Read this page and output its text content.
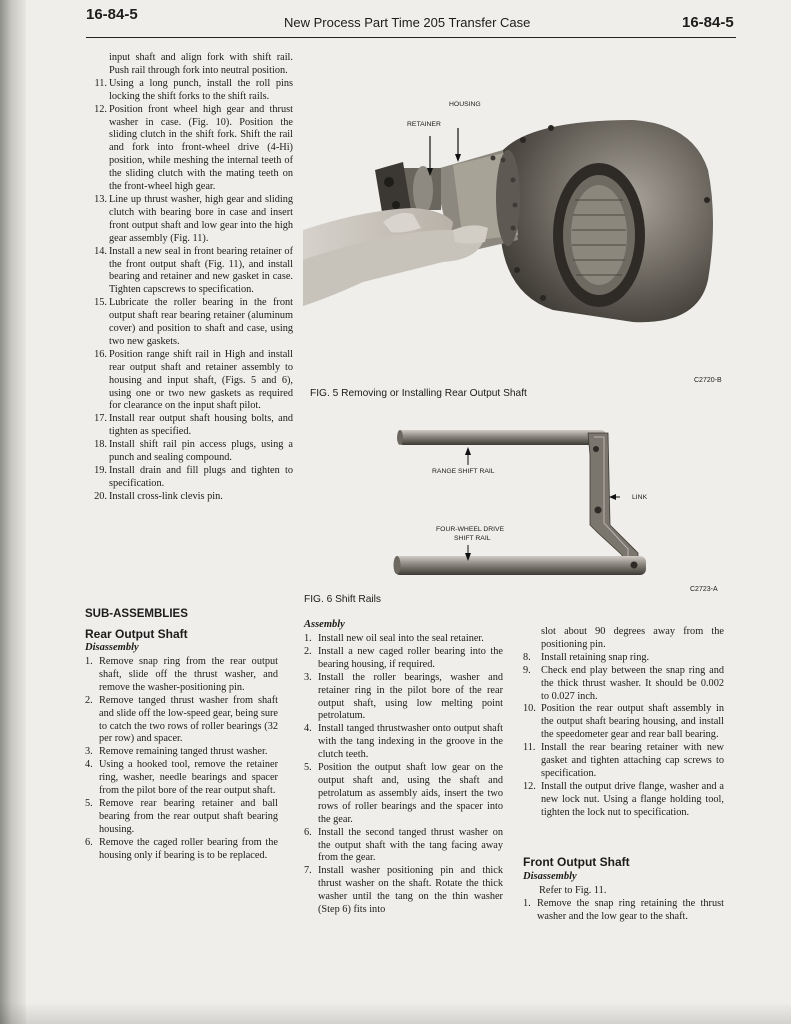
16-84-5	New Process Part Time 205 Transfer Case	16-84-5
input shaft and align fork with shift rail. Push rail through fork into neutral position.
11. Using a long punch, install the roll pins locking the shift forks to the shift rails.
12. Position front wheel high gear and thrust washer in case. (Fig. 10). Position the sliding clutch in the shift fork. Shift the rail and fork into front-wheel drive (4-Hi) position, while meshing the internal teeth of the sliding clutch with the mating teeth on the front-wheel high gear.
13. Line up thrust washer, high gear and sliding clutch with bearing bore in case and insert front output shaft and low gear into the high gear assembly (Fig. 11).
14. Install a new seal in front bearing retainer of the front output shaft (Fig. 11), and install bearing and retainer and new gasket in case. Tighten capscrews to specification.
15. Lubricate the roller bearing in the front output shaft rear bearing retainer (aluminum cover) and position to shaft and case, using two new gaskets.
16. Position range shift rail in High and install rear output shaft and retainer assembly to housing and input shaft, (Figs. 5 and 6), using one or two new gaskets as required for clearance on the input shaft pilot.
17. Install rear output shaft housing bolts, and tighten as specified.
18. Install shift rail pin access plugs, using a punch and sealing compound.
19. Install drain and fill plugs and tighten to specification.
20. Install cross-link clevis pin.
HOUSING
RETAINER
C2720-B
FIG. 5 Removing or Installing Rear Output Shaft
RANGE SHIFT RAIL
LINK
FOUR-WHEEL DRIVE
SHIFT RAIL
C2723-A
FIG. 6 Shift Rails
SUB-ASSEMBLIES
Rear Output Shaft
Disassembly
1. Remove snap ring from the rear output shaft, slide off the thrust washer, and remove the washer-positioning pin.
2. Remove tanged thrust washer from shaft and slide off the low-speed gear, being sure to catch the two rows of roller bearings (32 per row) and spacer.
3. Remove remaining tanged thrust washer.
4. Using a hooked tool, remove the retainer ring, washer, needle bearings and spacer from the pilot bore of the rear output shaft.
5. Remove rear bearing retainer and ball bearing from the rear output shaft bearing housing.
6. Remove the caged roller bearing from the housing only if bearing is to be replaced.
Assembly
1. Install new oil seal into the seal retainer.
2. Install a new caged roller bearing into the bearing housing, if required.
3. Install the roller bearings, washer and retainer ring in the pilot bore of the rear output shaft, using low melting point petrolatum.
4. Install tanged thrustwasher onto output shaft with the tang indexing in the groove in the clutch teeth.
5. Position the output shaft low gear on the output shaft and, using the shaft and petrolatum as assembly aids, insert the two rows of roller bearings and the spacer into the gear.
6. Install the second tanged thrust washer on the output shaft with the tang facing away from the gear.
7. Install washer positioning pin and thick thrust washer on the shaft. Rotate the thick washer until the tang on the thin washer (Step 6) fits into
slot about 90 degrees away from the positioning pin.
8. Install retaining snap ring.
9. Check end play between the snap ring and the thick thrust washer. It should be 0.002 to 0.027 inch.
10. Position the rear output shaft assembly in the output shaft bearing housing, and install the speedometer gear and rear ball bearing.
11. Install the rear bearing retainer with new gasket and tighten attaching cap screws to specification.
12. Install the output drive flange, washer and a new lock nut. Using a flange holding tool, tighten the lock nut to specification.
Front Output Shaft
Disassembly
Refer to Fig. 11.
1. Remove the snap ring retaining the thrust washer and the low gear to the shaft.
